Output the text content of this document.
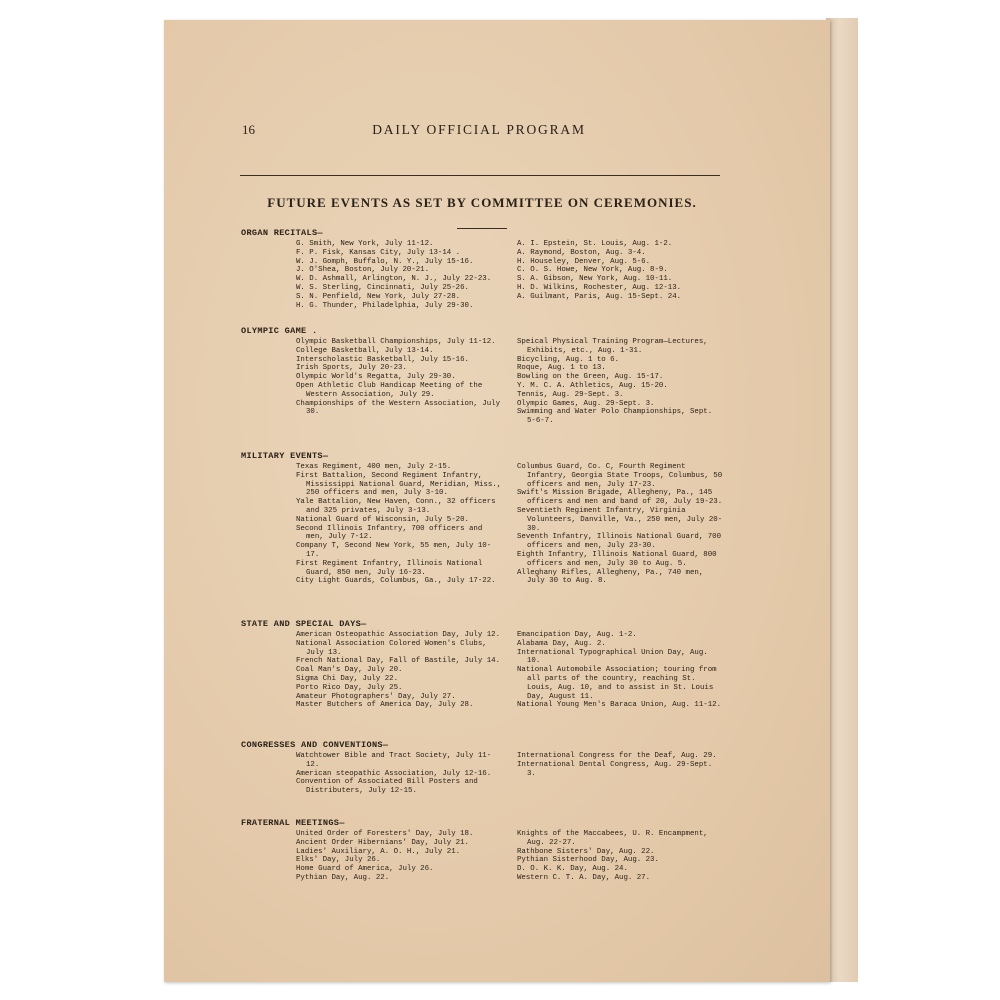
16	DAILY OFFICIAL PROGRAM
FUTURE EVENTS AS SET BY COMMITTEE ON CEREMONIES.
ORGAN RECITALS—
G. Smith, New York, July 11-12.
F. P. Fisk, Kansas City, July 13-14 .
W. J. Gomph, Buffalo, N. Y., July 15-16.
J. O'Shea, Boston, July 20-21.
W. D. Ashmall, Arlington, N. J., July 22-23.
W. S. Sterling, Cincinnati, July 25-26.
S. N. Penfield, New York, July 27-28.
H. G. Thunder, Philadelphia, July 29-30.
A. I. Epstein, St. Louis, Aug. 1-2.
A. Raymond, Boston, Aug. 3-4.
H. Houseley, Denver, Aug. 5-6.
C. O. S. Howe, New York, Aug. 8-9.
S. A. Gibson, New York, Aug. 10-11.
H. D. Wilkins, Rochester, Aug. 12-13.
A. Guilmant, Paris, Aug. 15-Sept. 24.
OLYMPIC GAME .
Olympic Basketball Championships, July 11-12.
College Basketball, July 13-14.
Interscholastic Basketball, July 15-16.
Irish Sports, July 20-23.
Olympic World's Regatta, July 29-30.
Open Athletic Club Handicap Meeting of the Western Association, July 29.
Championships of the Western Association, July 30.
Speical Physical Training Program—Lectures, Exhibits, etc., Aug. 1-31.
Bicycling, Aug. 1 to 6.
Roque, Aug. 1 to 13.
Bowling on the Green, Aug. 15-17.
Y. M. C. A. Athletics, Aug. 15-20.
Tennis, Aug. 29-Sept. 3.
Olympic Games, Aug. 29-Sept. 3.
Swimming and Water Polo Championships, Sept. 5-6-7.
MILITARY EVENTS—
Texas Regiment, 400 men, July 2-15.
First Battalion, Second Regiment Infantry, Mississippi National Guard, Meridian, Miss., 250 officers and men, July 3-10.
Yale Battalion, New Haven, Conn., 32 officers and 325 privates, July 3-13.
National Guard of Wisconsin, July 5-20.
Second Illinois Infantry, 700 officers and men, July 7-12.
Company T, Second New York, 55 men, July 10-17.
First Regiment Infantry, Illinois National Guard, 850 men, July 16-23.
City Light Guards, Columbus, Ga., July 17-22.
Columbus Guard, Co. C, Fourth Regiment Infantry, Georgia State Troops, Columbus, 50 officers and men, July 17-23.
Swift's Mission Brigade, Allegheny, Pa., 145 officers and men and band of 20, July 19-23.
Seventieth Regiment Infantry, Virginia Volunteers, Danville, Va., 250 men, July 20-30.
Seventh Infantry, Illinois National Guard, 700 officers and men, July 23-30.
Eighth Infantry, Illinois National Guard, 800 officers and men, July 30 to Aug. 5.
Alleghany Rifles, Allegheny, Pa., 740 men, July 30 to Aug. 8.
STATE AND SPECIAL DAYS—
American Osteopathic Association Day, July 12.
National Association Colored Women's Clubs, July 13.
French National Day, Fall of Bastile, July 14.
Coal Man's Day, July 20.
Sigma Chi Day, July 22.
Porto Rico Day, July 25.
Amateur Photographers' Day, July 27.
Master Butchers of America Day, July 28.
Emancipation Day, Aug. 1-2.
Alabama Day, Aug. 2.
International Typographical Union Day, Aug. 10.
National Automobile Association; touring from all parts of the country, reaching St. Louis, Aug. 10, and to assist in St. Louis Day, August 11.
National Young Men's Baraca Union, Aug. 11-12.
CONGRESSES AND CONVENTIONS—
Watchtower Bible and Tract Society, July 11-12.
American steopathic Association, July 12-16.
Convention of Associated Bill Posters and Distributers, July 12-15.
International Congress for the Deaf, Aug. 29.
International Dental Congress, Aug. 29-Sept. 3.
FRATERNAL MEETINGS—
United Order of Foresters' Day, July 18.
Ancient Order Hibernians' Day, July 21.
Ladies' Auxiliary, A. O. H., July 21.
Elks' Day, July 26.
Home Guard of America, July 26.
Pythian Day, Aug. 22.
Knights of the Maccabees, U. R. Encampment, Aug. 22-27.
Rathbone Sisters' Day, Aug. 22.
Pythian Sisterhood Day, Aug. 23.
D. O. K. K. Day, Aug. 24.
Western C. T. A. Day, Aug. 27.
